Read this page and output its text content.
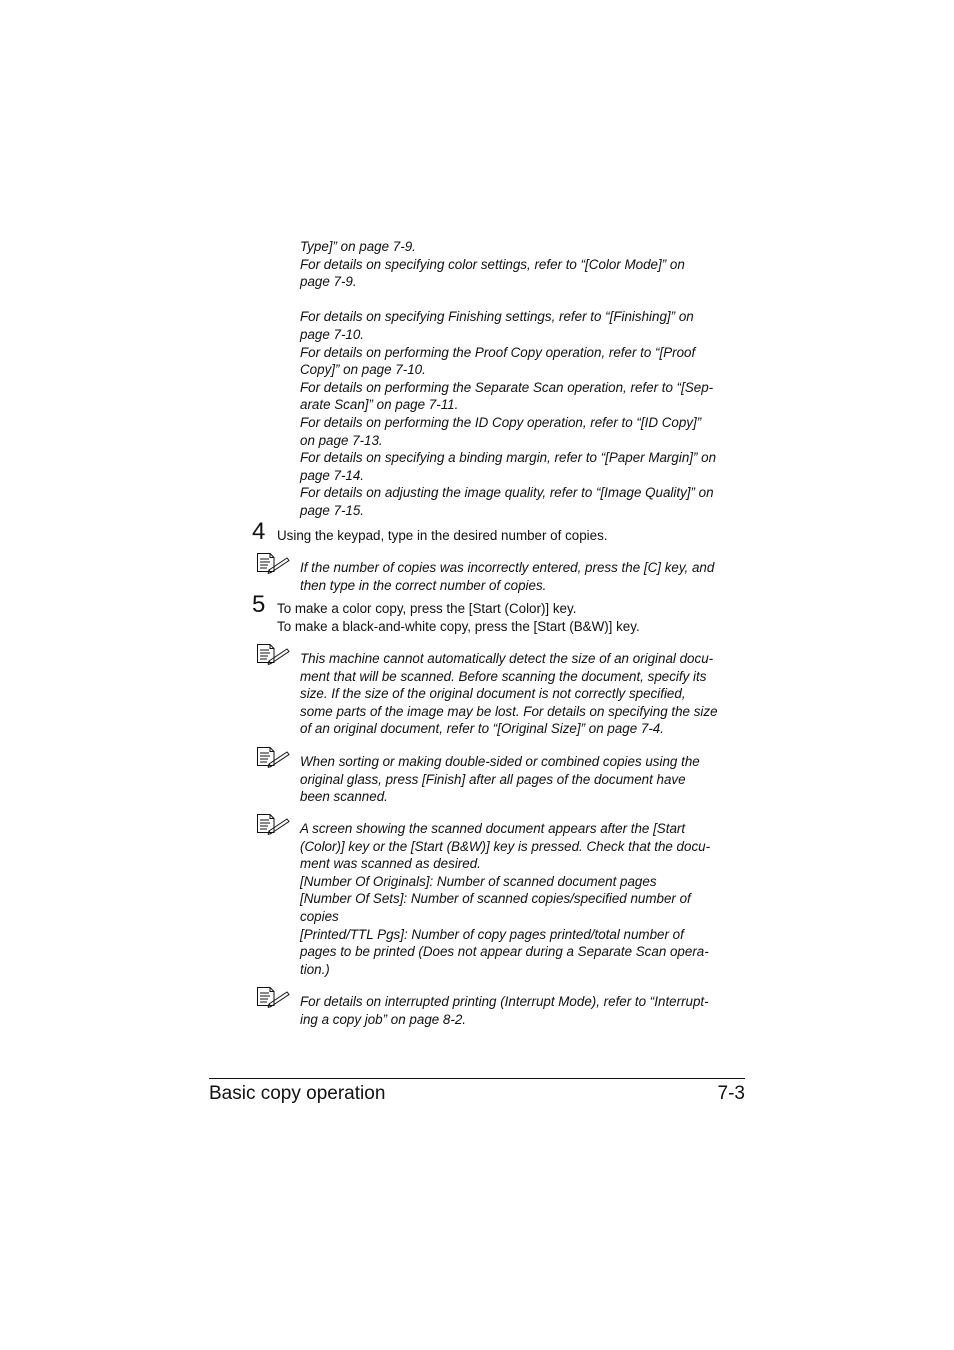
Type]” on page 7-9.

For details on specifying color settings, refer to “[Color Mode]” on

page 7-9.

For details on specifying Finishing settings, refer to “[Finishing]” on

page 7-10.

For details on performing the Proof Copy operation, refer to “[Proof

Copy]” on page 7-10.

For details on performing the Separate Scan operation, refer to “[Sep-

arate Scan]” on page 7-11.

For details on performing the ID Copy operation, refer to “[ID Copy]”

on page 7-13.

For details on specifying a binding margin, refer to “[Paper Margin]” on

page 7-14.

For details on adjusting the image quality, refer to “[Image Quality]” on

page 7-15.

4 Using the keypad, type in the desired number of copies.

If the number of copies was incorrectly entered, press the [C] key, and

then type in the correct number of copies.

5 To make a color copy, press the [Start (Color)] key.

To make a black-and-white copy, press the [Start (B&W)] key.

This machine cannot automatically detect the size of an original docu-

ment that will be scanned. Before scanning the document, specify its

size. If the size of the original document is not correctly specified,

some parts of the image may be lost. For details on specifying the size

of an original document, refer to “[Original Size]” on page 7-4.

When sorting or making double-sided or combined copies using the

original glass, press [Finish] after all pages of the document have

been scanned.

A screen showing the scanned document appears after the [Start

(Color)] key or the [Start (B&W)] key is pressed. Check that the docu-

ment was scanned as desired.

[Number Of Originals]: Number of scanned document pages

[Number Of Sets]: Number of scanned copies/specified number of

copies

[Printed/TTL Pgs]: Number of copy pages printed/total number of

pages to be printed (Does not appear during a Separate Scan opera-

tion.)

For details on interrupted printing (Interrupt Mode), refer to “Interrupt-

ing a copy job” on page 8-2.

Basic copy operation	7-3
